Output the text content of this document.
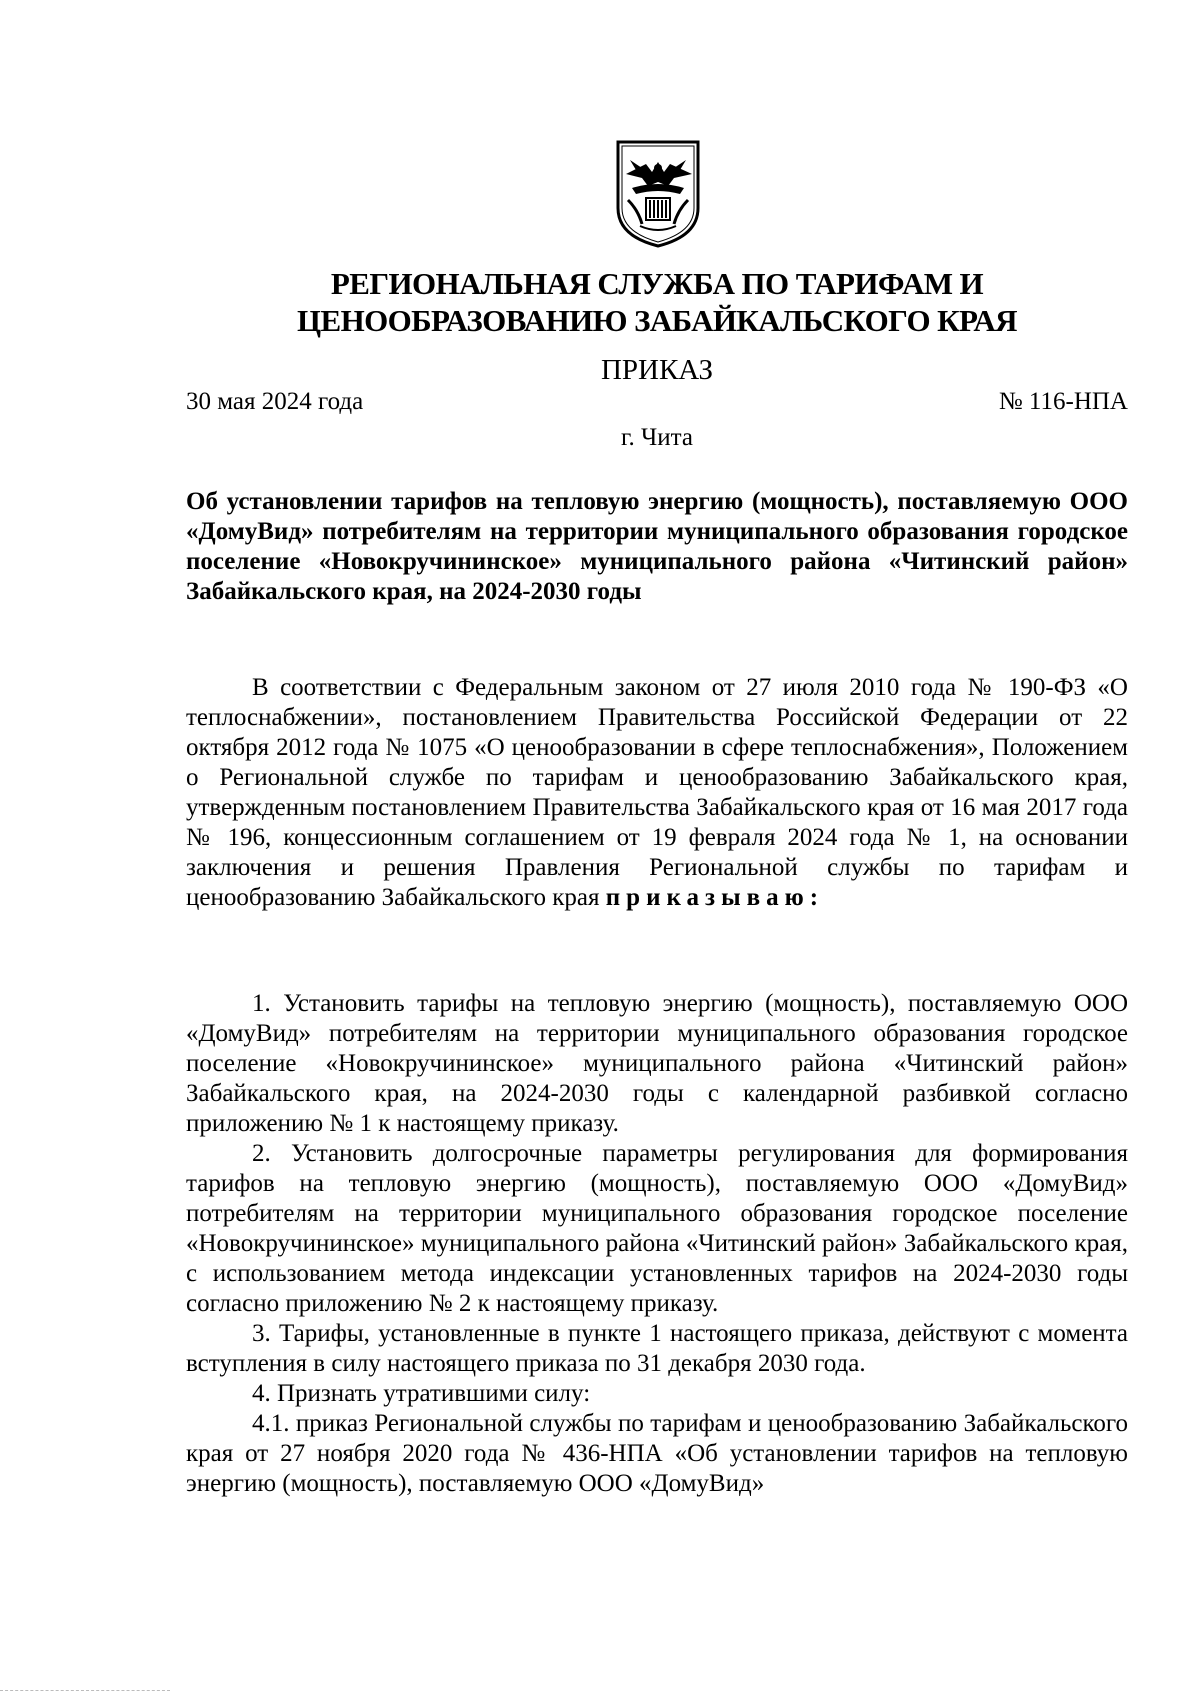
РЕГИОНАЛЬНАЯ СЛУЖБА ПО ТАРИФАМ И
ЦЕНООБРАЗОВАНИЮ ЗАБАЙКАЛЬСКОГО КРАЯ
ПРИКАЗ
30 мая 2024 года	№ 116-НПА
г. Чита
Об установлении тарифов на тепловую энергию (мощность), поставляемую ООО «ДомуВид» потребителям на территории муниципального образования городское поселение «Новокручининское» муниципального района «Читинский район» Забайкальского края, на 2024-2030 годы

В соответствии с Федеральным законом от 27 июля 2010 года № 190-ФЗ «О теплоснабжении», постановлением Правительства Российской Федерации от 22 октября 2012 года № 1075 «О ценообразовании в сфере теплоснабжения», Положением о Региональной службе по тарифам и ценообразованию Забайкальского края, утвержденным постановлением Правительства Забайкальского края от 16 мая 2017 года № 196, концессионным соглашением от 19 февраля 2024 года № 1, на основании заключения и решения Правления Региональной службы по тарифам и ценообразованию Забайкальского края приказываю:

1. Установить тарифы на тепловую энергию (мощность), поставляемую ООО «ДомуВид» потребителям на территории муниципального образования городское поселение «Новокручининское» муниципального района «Читинский район» Забайкальского края, на 2024-2030 годы с календарной разбивкой согласно приложению № 1 к настоящему приказу.

2. Установить долгосрочные параметры регулирования для формирования тарифов на тепловую энергию (мощность), поставляемую ООО «ДомуВид» потребителям на территории муниципального образования городское поселение «Новокручининское» муниципального района «Читинский район» Забайкальского края, с использованием метода индексации установленных тарифов на 2024-2030 годы согласно приложению № 2 к настоящему приказу.

3. Тарифы, установленные в пункте 1 настоящего приказа, действуют с момента вступления в силу настоящего приказа по 31 декабря 2030 года.

4. Признать утратившими силу:

4.1. приказ Региональной службы по тарифам и ценообразованию Забайкальского края от 27 ноября 2020 года № 436-НПА «Об установлении тарифов на тепловую энергию (мощность), поставляемую ООО «ДомуВид»
